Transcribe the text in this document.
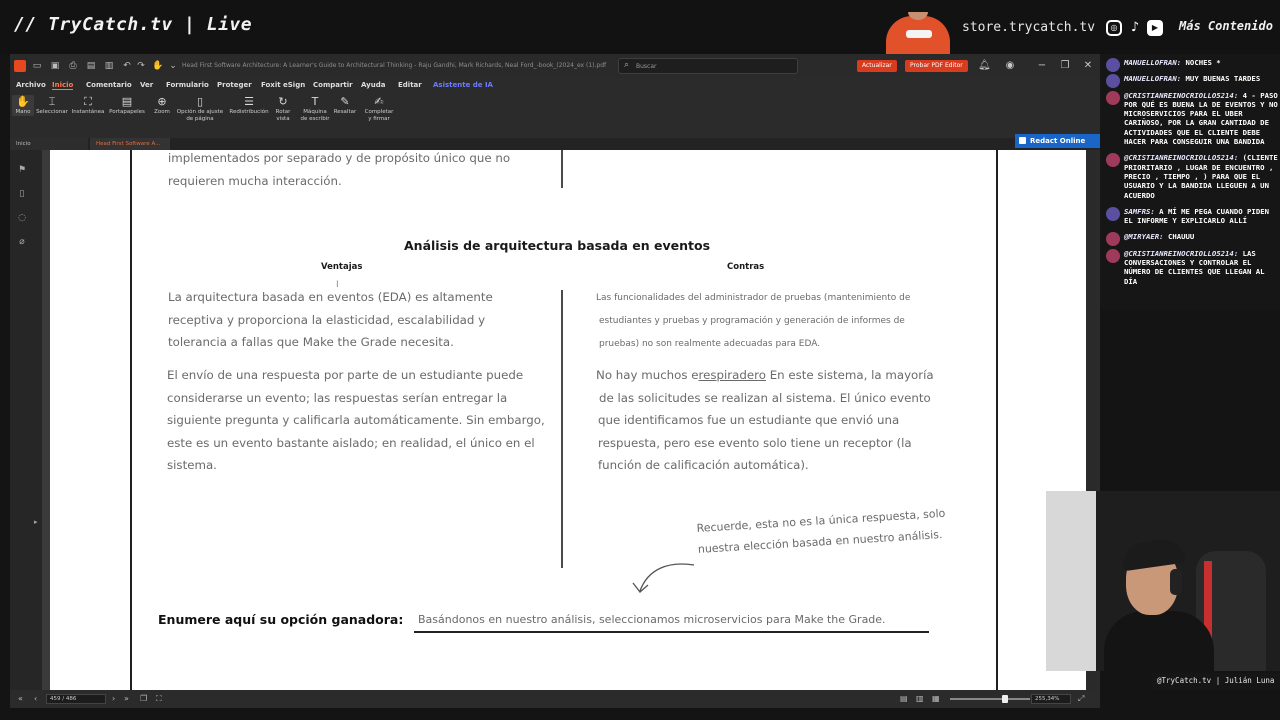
// TryCatch.tv | Live	store.trycatch.tv	◎	♪	▶	Más Contenido
▭ ▣ ⎙ ▤ ▥ ↶ ↷ ✋ ⌄ Head First Software Architecture: A Learner's Guide to Architectural Thinking - Raju Gandhi, Mark Richards, Neal Ford_-book_(2024_ex (1).pdf ⌕
Buscar	Actualizar	Probar PDF Editor	🔔︎ ◉ − ❐ ✕
Archivo Inicio Comentario Ver Formulario Proteger Foxit eSign Compartir Ayuda Editar Asistente de IA
✋
Mano
⌶
Seleccionar
⛶
Instantánea
▤
Portapapeles
⊕
Zoom
▯
Opción de ajuste
de página
☰
Redistribución
↻
Rotar
vista
T
Máquina
de escribir
✎
Resaltar
✍
Completar
y firmar
Inicio	Head First Software A...	Redact Online
⚑
▯
◌
⌀
▸
implementados por separado y de propósito único que no
requieren mucha interacción.
Análisis de arquitectura basada en eventos
Ventajas	Contras
I
La arquitectura basada en eventos (EDA) es altamente
receptiva y proporciona la elasticidad, escalabilidad y
tolerancia a fallas que Make the Grade necesita.
El envío de una respuesta por parte de un estudiante puede
considerarse un evento; las respuestas serían entregar la
siguiente pregunta y calificarla automáticamente. Sin embargo,
este es un evento bastante aislado; en realidad, el único en el
sistema.
Las funcionalidades del administrador de pruebas (mantenimiento de
estudiantes y pruebas y programación y generación de informes de
pruebas) no son realmente adecuadas para EDA.
No hay muchos erespiradero En este sistema, la mayoría
de las solicitudes se realizan al sistema. El único evento
que identificamos fue un estudiante que envió una
respuesta, pero ese evento solo tiene un receptor (la
función de calificación automática).
Recuerde, esta no es la única respuesta, solo
nuestra elección basada en nuestro análisis.
Enumere aquí su opción ganadora: Basándonos en nuestro análisis, seleccionamos microservicios para Make the Grade.
« ‹	459 / 486	› » ❐ ⛶	▤ ▥ ▦	255,34%	⤢
MANUELLOFRAN: NOCHES *
MANUELLOFRAN: MUY BUENAS TARDES
@CRISTIANREINOCRIOLLO5214: 4 - PASO POR QUÉ ES BUENA LA DE EVENTOS Y NO MICROSERVICIOS PARA EL UBER CARIÑOSO, POR LA GRAN CANTIDAD DE ACTIVIDADES QUE EL CLIENTE DEBE HACER PARA CONSEGUIR UNA BANDIDA
@CRISTIANREINOCRIOLLO5214: (CLIENTE PRIORITARIO , LUGAR DE ENCUENTRO , PRECIO , TIEMPO , ) PARA QUE EL USUARIO Y LA BANDIDA LLEGUEN A UN ACUERDO
SAMFRS: A MÍ ME PEGA CUANDO PIDEN EL INFORME Y EXPLICARLO ALLÍ
@MIRYAER: CHAUUU
@CRISTIANREINOCRIOLLO5214: LAS CONVERSACIONES Y CONTROLAR EL NÚMERO DE CLIENTES QUE LLEGAN AL DÍA
@TryCatch.tv | Julián Luna
